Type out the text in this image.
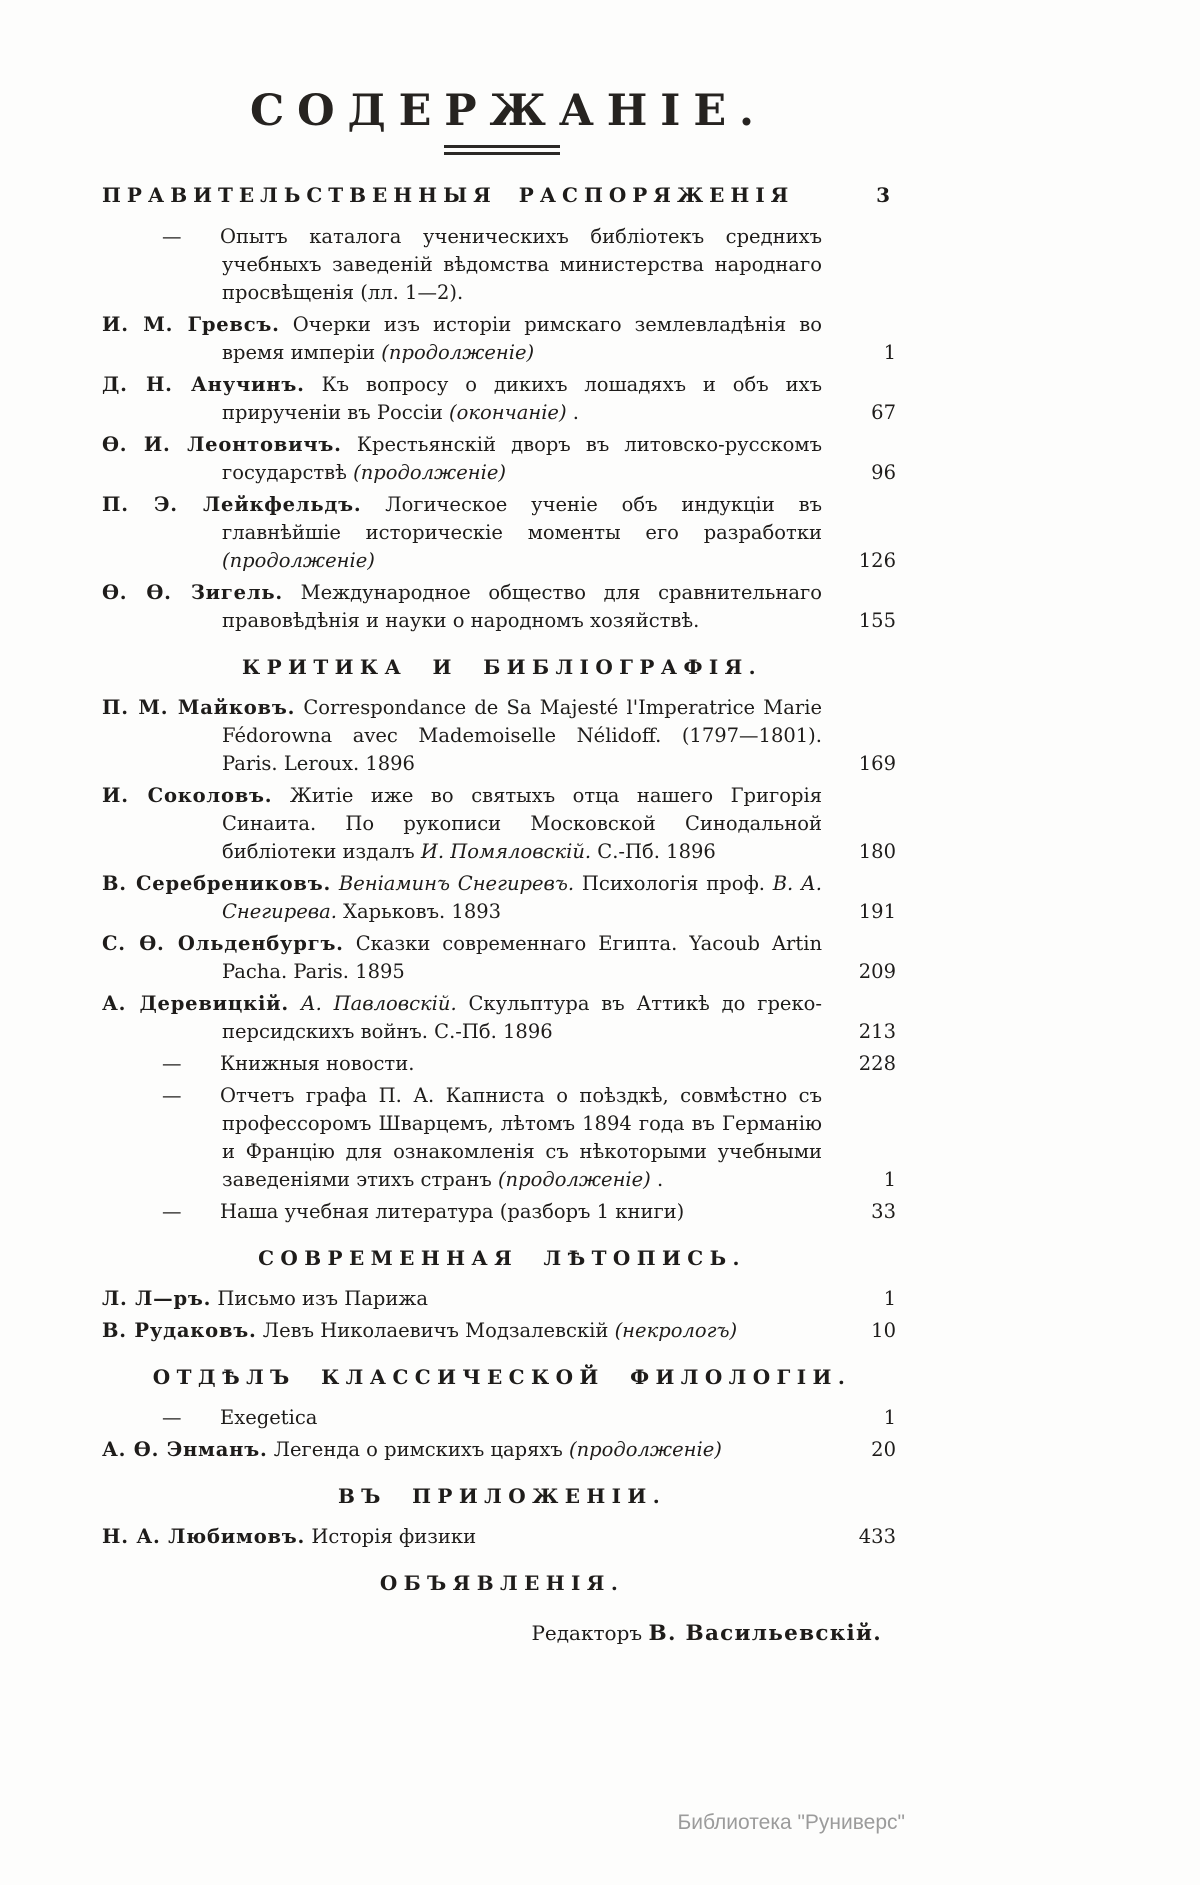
СОДЕРЖАНІЕ.
ПРАВИТЕЛЬСТВЕННЫЯ РАСПОРЯЖЕНІЯ	3
— Опытъ каталога ученическихъ библіотекъ среднихъ учебныхъ заведеній вѣдомства министерства народнаго просвѣщенія (лл. 1—2).
И. М. Гревсъ. Очерки изъ исторіи римскаго землевладѣнія во время имперіи (продолженіе)	1
Д. Н. Анучинъ. Къ вопросу о дикихъ лошадяхъ и объ ихъ прирученіи въ Россіи (окончаніе) .	67
Ѳ. И. Леонтовичъ. Крестьянскій дворъ въ литовско-русскомъ государствѣ (продолженіе)	96
П. Э. Лейкфельдъ. Логическое ученіе объ индукціи въ главнѣйшіе историческіе моменты его разработки (продолженіе)	126
Ѳ. Ѳ. Зигель. Международное общество для сравнительнаго правовѣдѣнія и науки о народномъ хозяйствѣ.	155
КРИТИКА И БИБЛІОГРАФІЯ.
П. М. Майковъ. Correspondance de Sa Majesté l'Imperatrice Marie Fédorowna avec Mademoiselle Nélidoff. (1797—1801). Paris. Leroux. 1896	169
И. Соколовъ. Житіе иже во святыхъ отца нашего Григорія Синаита. По рукописи Московской Синодальной библіотеки издалъ И. Помяловскій. С.-Пб. 1896	180
В. Серебрениковъ. Веніаминъ Снегиревъ. Психологія проф. В. А. Снегирева. Харьковъ. 1893	191
С. Ѳ. Ольденбургъ. Сказки современнаго Египта. Yacoub Artin Pacha. Paris. 1895	209
А. Деревицкій. А. Павловскій. Скульптура въ Аттикѣ до греко-персидскихъ войнъ. С.-Пб. 1896	213
— Книжныя новости.	228
— Отчетъ графа П. А. Капниста о поѣздкѣ, совмѣстно съ профессоромъ Шварцемъ, лѣтомъ 1894 года въ Германію и Францію для ознакомленія съ нѣкоторыми учебными заведеніями этихъ странъ (продолженіе) .	1
— Наша учебная литература (разборъ 1 книги)	33
СОВРЕМЕННАЯ ЛѢТОПИСЬ.
Л. Л—ръ. Письмо изъ Парижа	1
В. Рудаковъ. Левъ Николаевичъ Модзалевскій (некрологъ)	10
ОТДѢЛЪ КЛАССИЧЕСКОЙ ФИЛОЛОГІИ.
— Exegetica	1
А. Ѳ. Энманъ. Легенда о римскихъ царяхъ (продолженіе)	20
ВЪ ПРИЛОЖЕНІИ.
Н. А. Любимовъ. Исторія физики	433
ОБЪЯВЛЕНІЯ.
Редакторъ В. Васильевскій.
Библиотека "Руниверс"
